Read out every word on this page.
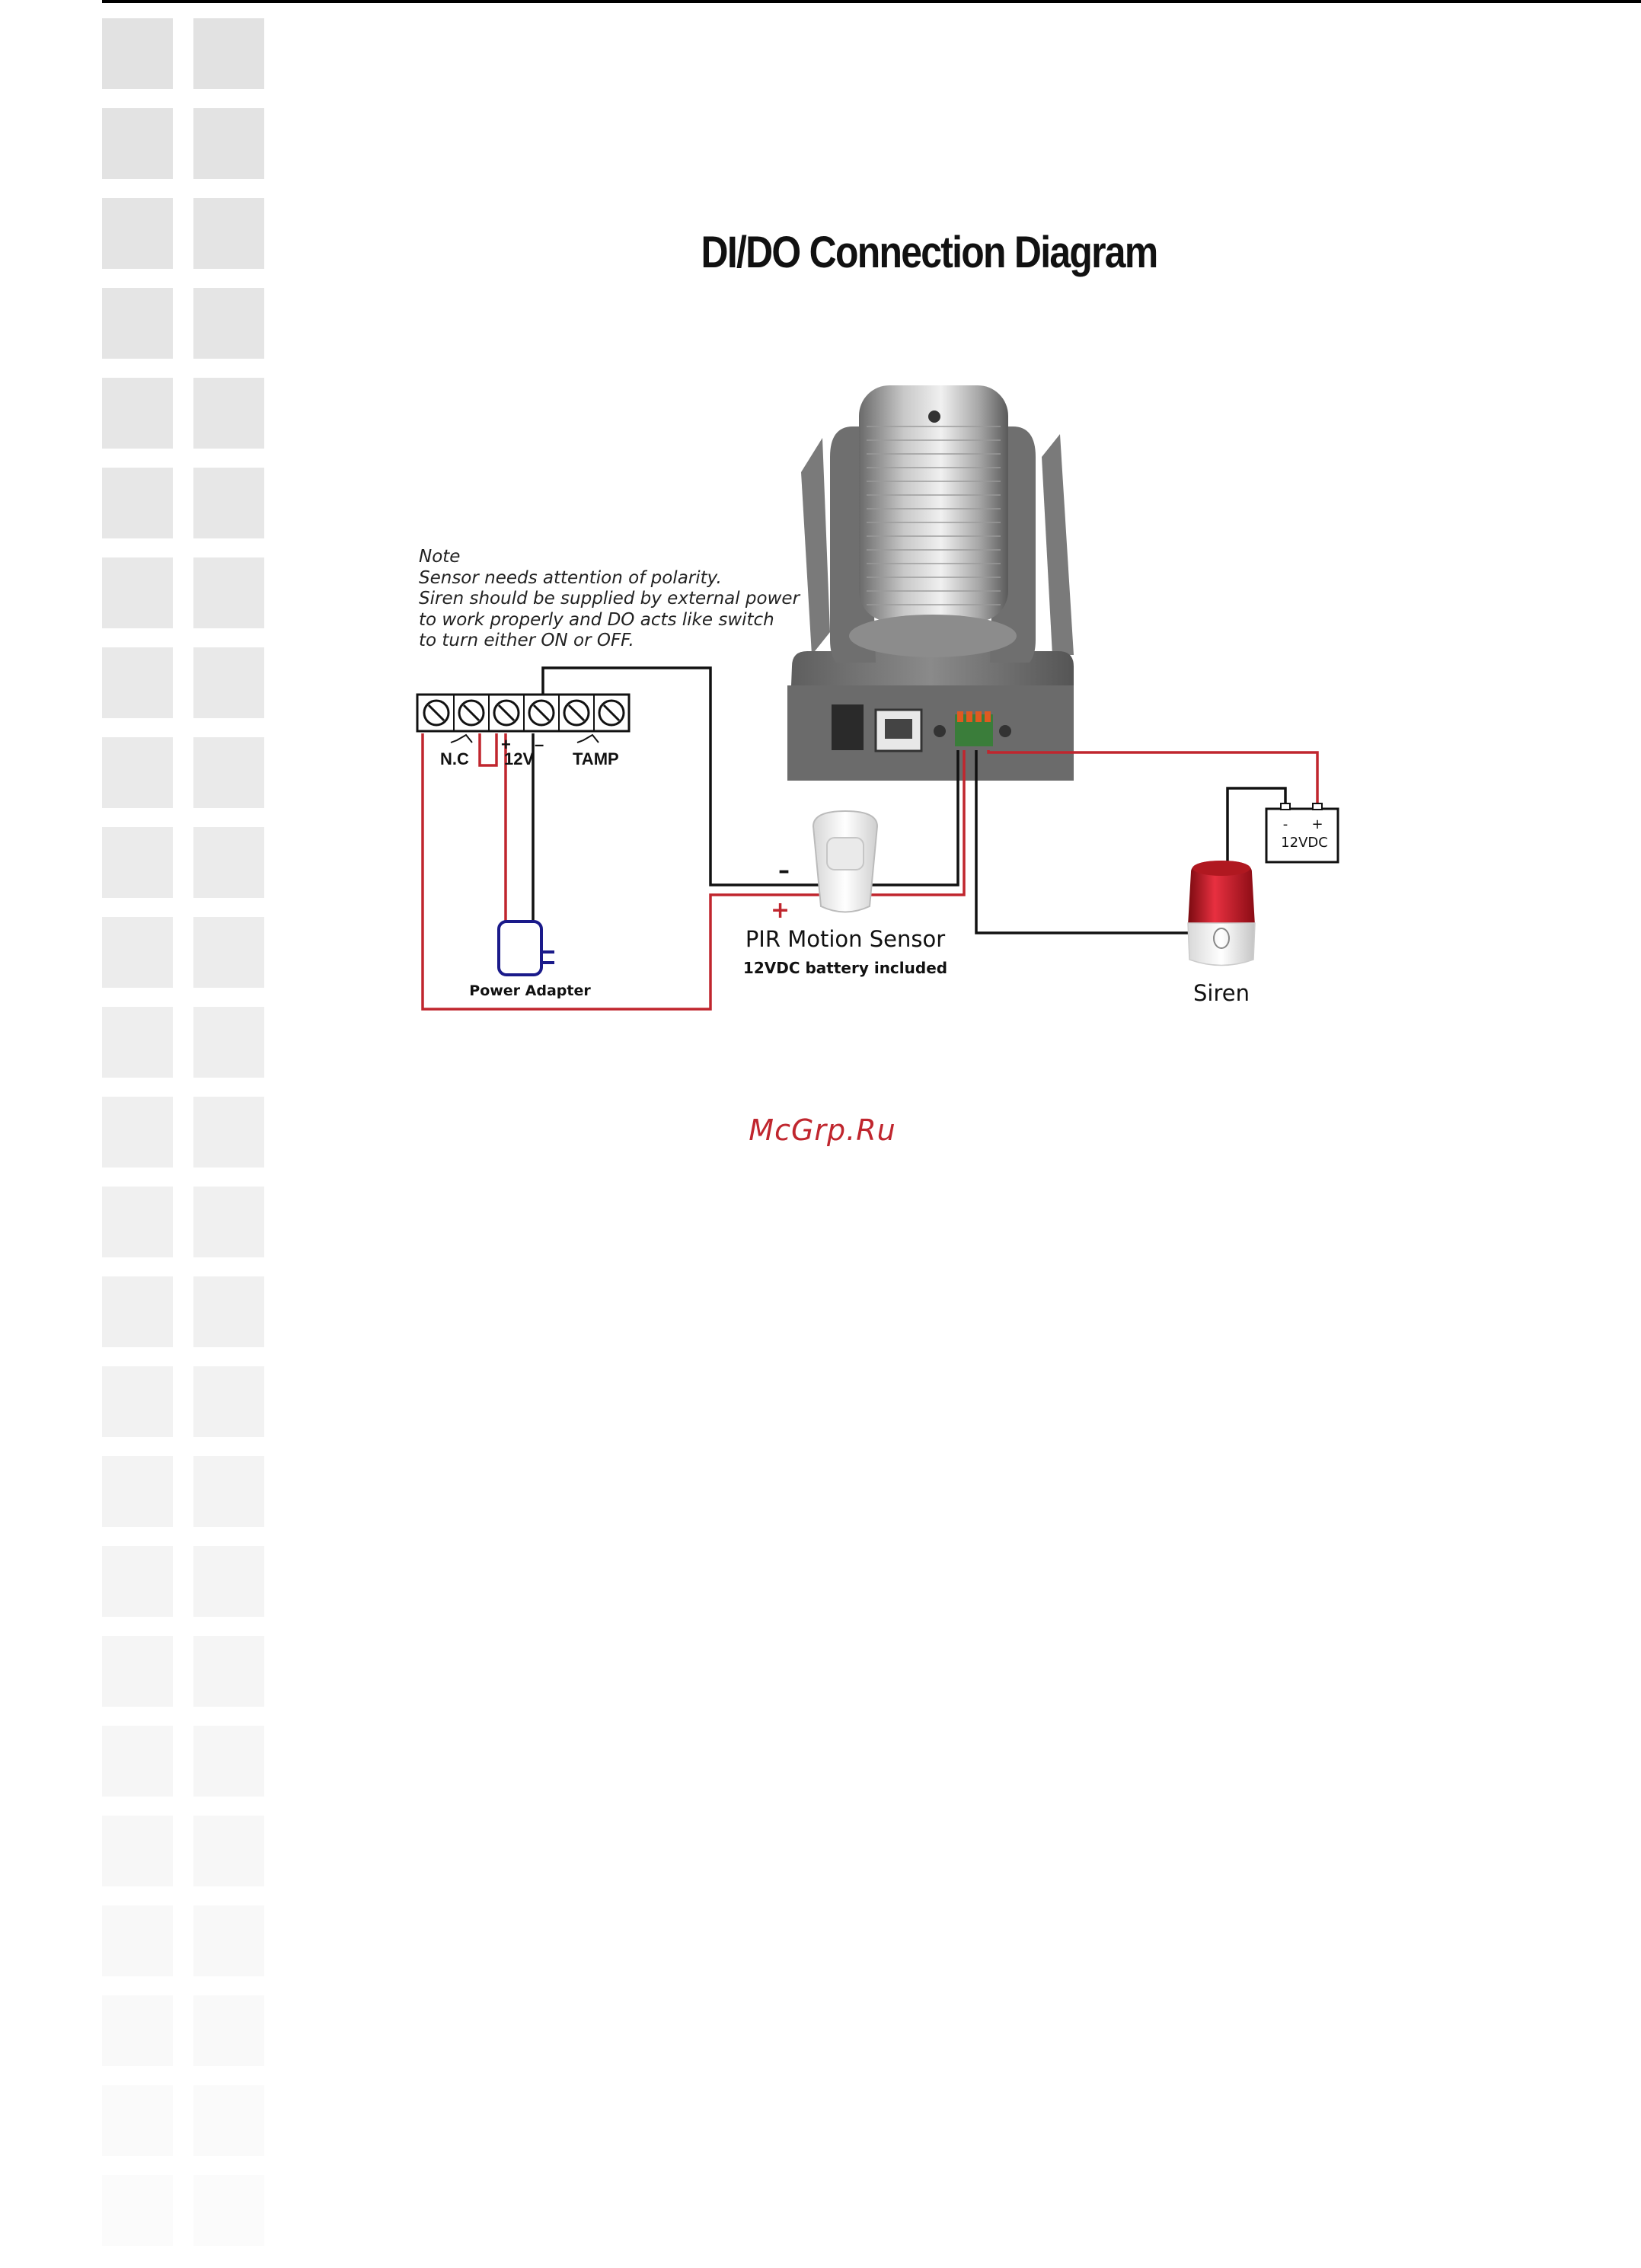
DI/DO Connection Diagram
Note
Sensor needs attention of polarity.
Siren should be supplied by external power
to work properly and DO acts like switch
to turn either ON or OFF.
N.C 12V TAMP
+ –
Power Adapter
–
+
PIR Motion Sensor
12VDC battery included
- +
12VDC
Siren
McGrp.Ru
